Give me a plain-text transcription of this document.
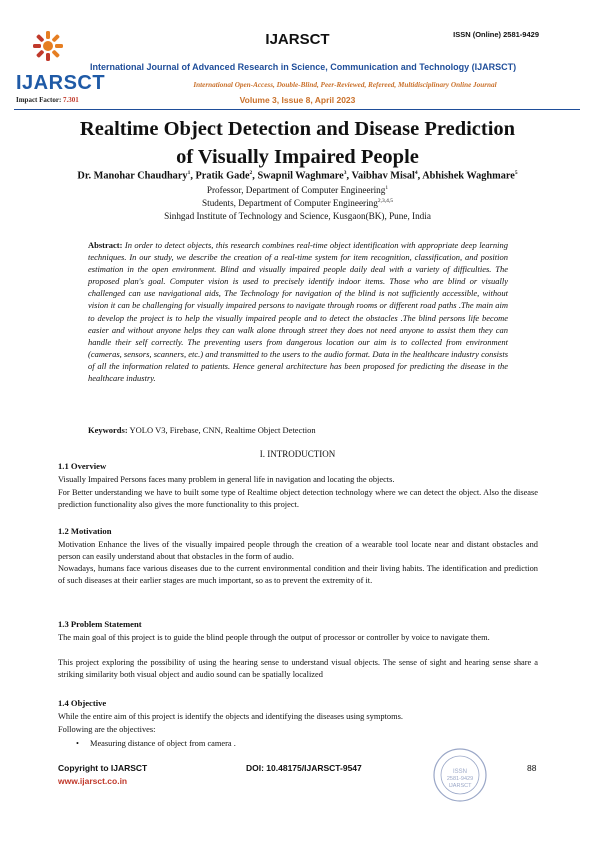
IJARSCT
Impact Factor: 7.301
IJARSCT	ISSN (Online) 2581-9429
International Journal of Advanced Research in Science, Communication and Technology (IJARSCT)
International Open-Access, Double-Blind, Peer-Reviewed, Refereed, Multidisciplinary Online Journal
Volume 3, Issue 8, April 2023
Realtime Object Detection and Disease Prediction
of Visually Impaired People
Dr. Manohar Chaudhary$^1$, Pratik Gade$^2$, Swapnil Waghmare$^3$, Vaibhav Misal$^4$, Abhishek Waghmare$^5$
Professor, Department of Computer Engineering$^1$
Students, Department of Computer Engineering$^{2,3,4,5}$
Sinhgad Institute of Technology and Science, Kusgaon(BK), Pune, India
Abstract: In order to detect objects, this research combines real-time object identification with appropriate deep learning techniques. In our study, we describe the creation of a real-time system for item recognition, classification, and position estimation in the open environment. Blind and visually impaired people daily deal with a variety of difficulties. The proposed plan's goal. Computer vision is used to precisely identify indoor items. Those who are blind or visually challenged can use navigational aids, The Technology for navigation of the blind is not sufficiently accessible, without vision it can be challenging for visually impaired persons to navigate through rooms or different road paths .The main aim to develop the project is to help the visually impaired people and to detect the obstacles .The blind persons life become easier and without anyone helps they can walk alone through street they does not need anyone to assist them they can handle their self correctly. The preventing users from dangerous location our aim is to collected from environment (cameras, sensors, scanners, etc.) and transmitted to the users to the audio format. Data in the healthcare industry consists of all the information related to patients. Hence general architecture has been proposed for predicting the disease in the healthcare industry.
Keywords: YOLO V3, Firebase, CNN, Realtime Object Detection
I. INTRODUCTION
1.1 Overview
Visually Impaired Persons faces many problem in general life in navigation and locating the objects.
For Better understanding we have to built some type of Realtime object detection technology where we can detect the object. Also the disease prediction functionality also gives the more functionality to this project.
1.2 Motivation
Motivation Enhance the lives of the visually impaired people through the creation of a wearable tool locate near and distant obstacles and person can easily understand about that obstacles in the form of audio.
Nowadays, humans face various diseases due to the current environmental condition and their living habits. The identification and prediction of such diseases at their earlier stages are much important, so as to prevent the extremity of it.
1.3 Problem Statement
The main goal of this project is to guide the blind people through the output of processor or controller by voice to navigate them.
This project exploring the possibility of using the hearing sense to understand visual objects. The sense of sight and hearing sense share a striking similarity both visual object and audio sound can be spatially localized
1.4 Objective
While the entire aim of this project is identify the objects and identifying the diseases using symptoms.
Following are the objectives:
• Measuring distance of object from camera .
Copyright to IJARSCT
www.ijarsct.co.in
DOI: 10.48175/IJARSCT-9547	ISSN
2581-9429
IJARSCT
88
